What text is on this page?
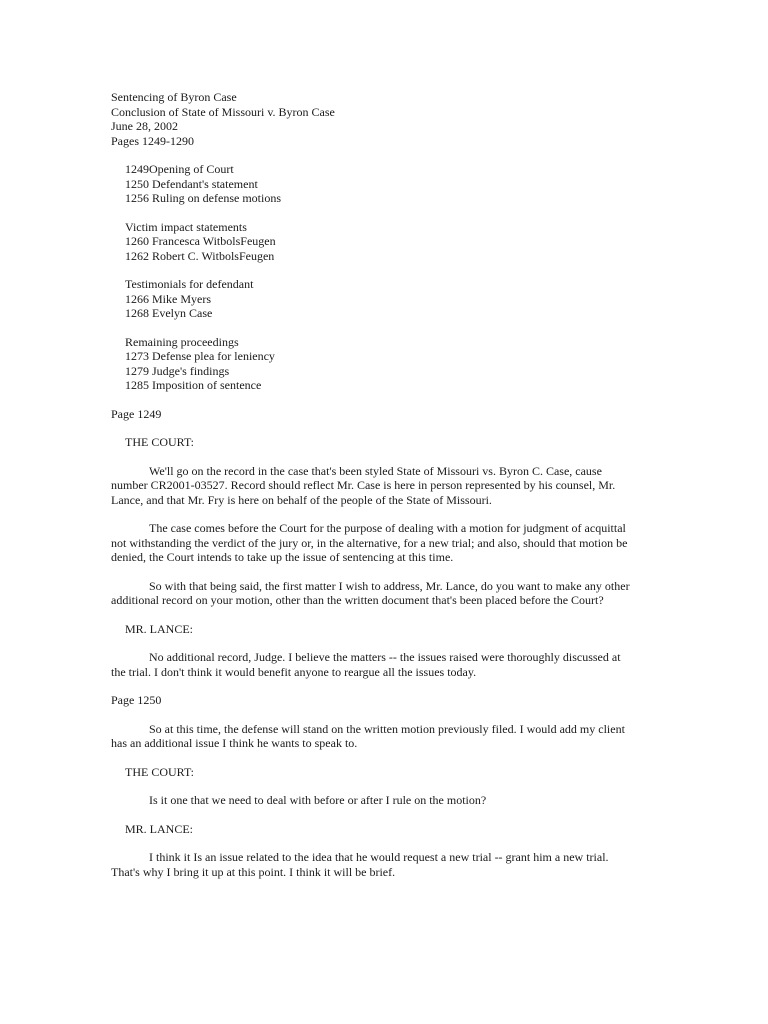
Sentencing of Byron Case
Conclusion of State of Missouri v. Byron Case
June 28, 2002
Pages 1249-1290
1249Opening of Court
1250 Defendant's statement
1256 Ruling on defense motions
Victim impact statements
1260 Francesca WitbolsFeugen
1262 Robert C. WitbolsFeugen
Testimonials for defendant
1266 Mike Myers
1268 Evelyn Case
Remaining proceedings
1273 Defense plea for leniency
1279 Judge's findings
1285 Imposition of sentence
Page 1249
THE COURT:

We'll go on the record in the case that's been styled State of Missouri vs. Byron C. Case, cause
number CR2001-03527. Record should reflect Mr. Case is here in person represented by his counsel, Mr.
Lance, and that Mr. Fry is here on behalf of the people of the State of Missouri.

The case comes before the Court for the purpose of dealing with a motion for judgment of acquittal
not withstanding the verdict of the jury or, in the alternative, for a new trial; and also, should that motion be
denied, the Court intends to take up the issue of sentencing at this time.

So with that being said, the first matter I wish to address, Mr. Lance, do you want to make any other
additional record on your motion, other than the written document that's been placed before the Court?

MR. LANCE:

No additional record, Judge. I believe the matters -- the issues raised were thoroughly discussed at
the trial. I don't think it would benefit anyone to reargue all the issues today.

Page 1250

So at this time, the defense will stand on the written motion previously filed. I would add my client
has an additional issue I think he wants to speak to.

THE COURT:

Is it one that we need to deal with before or after I rule on the motion?

MR. LANCE:

I think it Is an issue related to the idea that he would request a new trial -- grant him a new trial.
That's why I bring it up at this point. I think it will be brief.
